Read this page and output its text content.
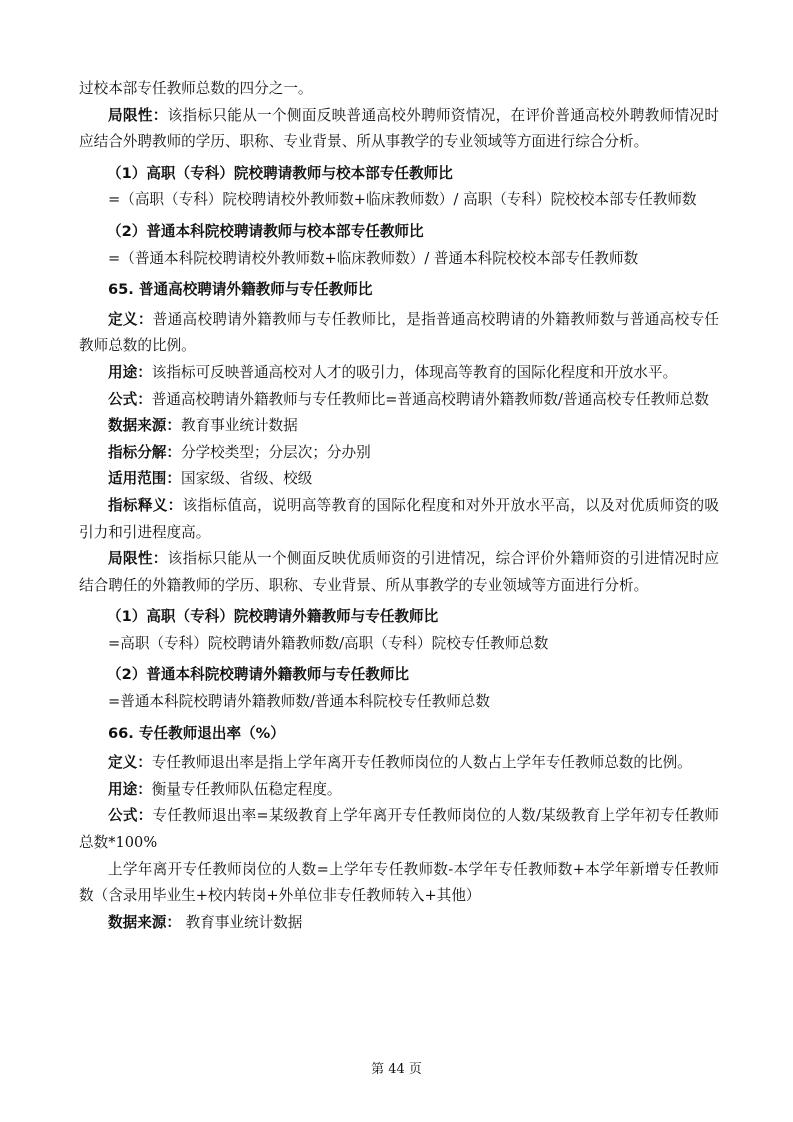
过校本部专任教师总数的四分之一。

局限性：该指标只能从一个侧面反映普通高校外聘师资情况，在评价普通高校外聘教师情况时应结合外聘教师的学历、职称、专业背景、所从事教学的专业领域等方面进行综合分析。

（1）高职（专科）院校聘请教师与校本部专任教师比

=（高职（专科）院校聘请校外教师数+临床教师数）/ 高职（专科）院校校本部专任教师数

（2）普通本科院校聘请教师与校本部专任教师比

=（普通本科院校聘请校外教师数+临床教师数）/ 普通本科院校校本部专任教师数

65. 普通高校聘请外籍教师与专任教师比

定义：普通高校聘请外籍教师与专任教师比，是指普通高校聘请的外籍教师数与普通高校专任教师总数的比例。

用途：该指标可反映普通高校对人才的吸引力，体现高等教育的国际化程度和开放水平。

公式：普通高校聘请外籍教师与专任教师比=普通高校聘请外籍教师数/普通高校专任教师总数

数据来源：教育事业统计数据

指标分解：分学校类型；分层次；分办别

适用范围：国家级、省级、校级

指标释义：该指标值高，说明高等教育的国际化程度和对外开放水平高，以及对优质师资的吸引力和引进程度高。

局限性：该指标只能从一个侧面反映优质师资的引进情况，综合评价外籍师资的引进情况时应结合聘任的外籍教师的学历、职称、专业背景、所从事教学的专业领域等方面进行分析。

（1）高职（专科）院校聘请外籍教师与专任教师比

=高职（专科）院校聘请外籍教师数/高职（专科）院校专任教师总数

（2）普通本科院校聘请外籍教师与专任教师比

=普通本科院校聘请外籍教师数/普通本科院校专任教师总数

66. 专任教师退出率（%）

定义：专任教师退出率是指上学年离开专任教师岗位的人数占上学年专任教师总数的比例。

用途：衡量专任教师队伍稳定程度。

公式：专任教师退出率=某级教育上学年离开专任教师岗位的人数/某级教育上学年初专任教师总数*100%

上学年离开专任教师岗位的人数=上学年专任教师数-本学年专任教师数+本学年新增专任教师数（含录用毕业生+校内转岗+外单位非专任教师转入+其他）

数据来源： 教育事业统计数据

第 44 页
